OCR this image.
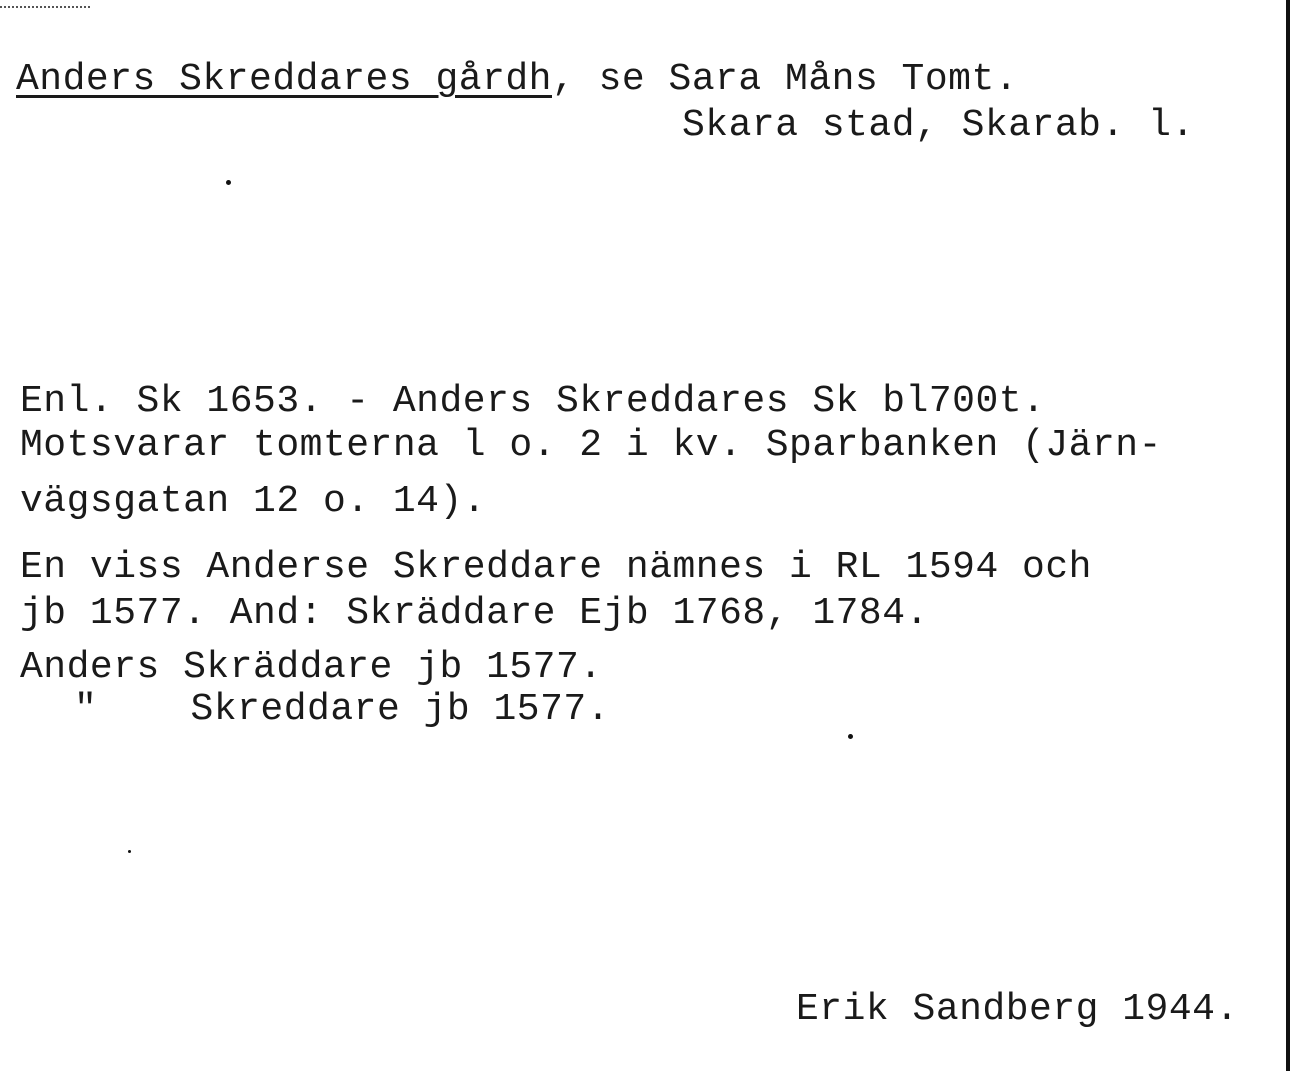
Anders Skreddares gårdh, se Sara Måns Tomt.
Skara stad, Skarab. l.
Enl. Sk 1653. - Anders Skreddares Sk bl700t.
Motsvarar tomterna l o. 2 i kv. Sparbanken (Järn-
vägsgatan 12 o. 14).
En viss Anderse Skreddare nämnes i RL 1594 och
jb 1577. And: Skräddare Ejb 1768, 1784.
Anders Skräddare jb 1577.
"    Skreddare jb 1577.
Erik Sandberg 1944.
